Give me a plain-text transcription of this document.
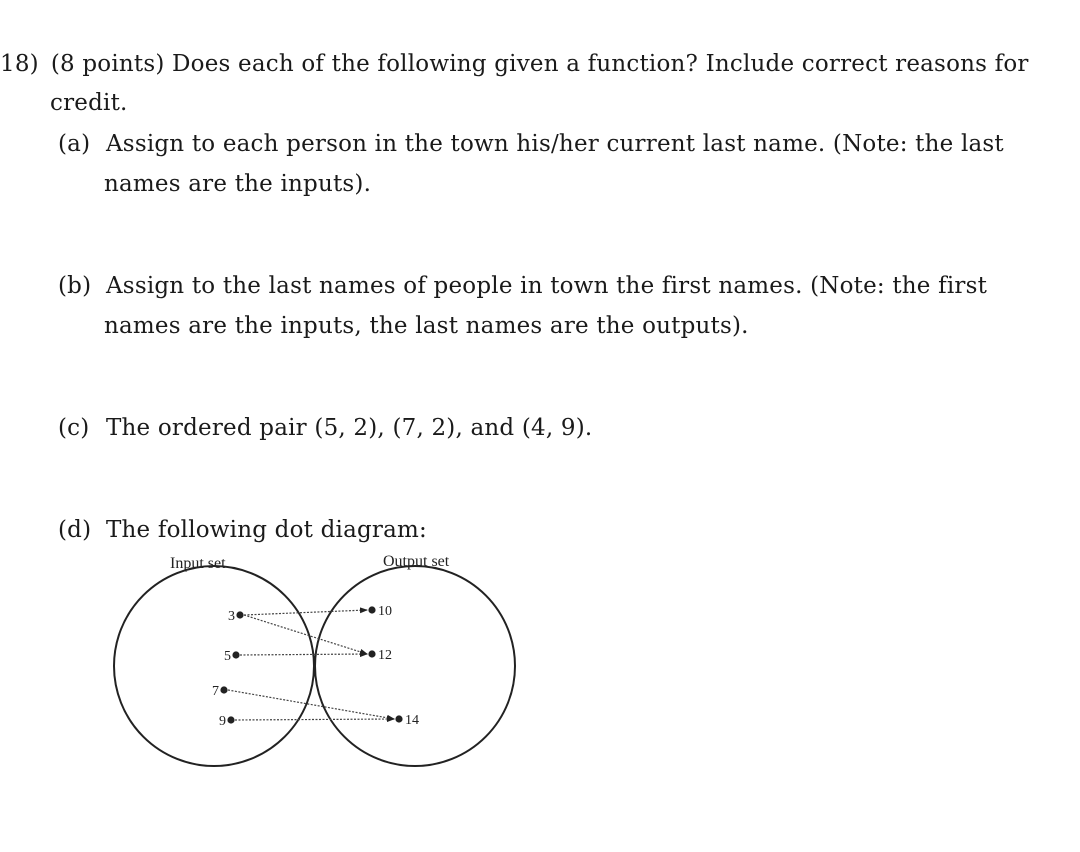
18) (8 points) Does each of the following given a function? Include correct reasons for
credit.
(a) Assign to each person in the town his/her current last name. (Note: the last
names are the inputs).
(b) Assign to the last names of people in town the first names. (Note: the first
names are the inputs, the last names are the outputs).
(c) The ordered pair (5, 2), (7, 2), and (4, 9).
(d) The following dot diagram:
Input set	Output set
3
5
7
9
10
12
14
